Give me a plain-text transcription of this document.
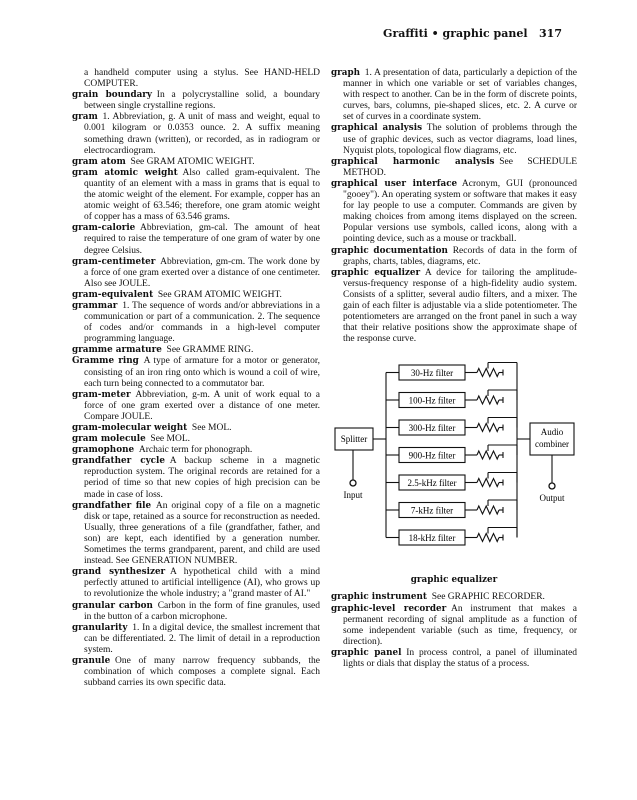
Graffiti • graphic panel 317

a handheld computer using a stylus. See HAND-HELD COMPUTER.

grain boundary  In a polycrystalline solid, a boundary between single crystalline regions.

gram  1. Abbreviation, g. A unit of mass and weight, equal to 0.001 kilogram or 0.0353 ounce. 2. A suffix meaning something drawn (written), or recorded, as in radiogram or electrocardiogram.

gram atom  See GRAM ATOMIC WEIGHT.

gram atomic weight  Also called gram-equivalent. The quantity of an element with a mass in grams that is equal to the atomic weight of the element. For example, copper has an atomic weight of 63.546; therefore, one gram atomic weight of copper has a mass of 63.546 grams.

gram-calorie  Abbreviation, gm-cal. The amount of heat required to raise the temperature of one gram of water by one degree Celsius.

gram-centimeter  Abbreviation, gm-cm. The work done by a force of one gram exerted over a distance of one centimeter. Also see JOULE.

gram-equivalent  See GRAM ATOMIC WEIGHT.

grammar  1. The sequence of words and/or abbreviations in a communication or part of a communication. 2. The sequence of codes and/or commands in a high-level computer programming language.

gramme armature  See GRAMME RING.

Gramme ring  A type of armature for a motor or generator, consisting of an iron ring onto which is wound a coil of wire, each turn being connected to a commutator bar.

gram-meter  Abbreviation, g-m. A unit of work equal to a force of one gram exerted over a distance of one meter. Compare JOULE.

gram-molecular weight  See MOL.

gram molecule  See MOL.

gramophone  Archaic term for phonograph.

grandfather cycle  A backup scheme in a magnetic reproduction system. The original records are retained for a period of time so that new copies of high precision can be made in case of loss.

grandfather file  An original copy of a file on a magnetic disk or tape, retained as a source for reconstruction as needed. Usually, three generations of a file (grandfather, father, and son) are kept, each identified by a generation number. Sometimes the terms grandparent, parent, and child are used instead. See GENERATION NUMBER.

grand synthesizer  A hypothetical child with a mind perfectly attuned to artificial intelligence (AI), who grows up to revolutionize the whole industry; a "grand master of AI."

granular carbon  Carbon in the form of fine granules, used in the button of a carbon microphone.

granularity  1. In a digital device, the smallest increment that can be differentiated. 2. The limit of detail in a reproduction system.

granule  One of many narrow frequency subbands, the combination of which composes a complete signal. Each subband carries its own specific data.

graph  1. A presentation of data, particularly a depiction of the manner in which one variable or set of variables changes, with respect to another. Can be in the form of discrete points, curves, bars, columns, pie-shaped slices, etc. 2. A curve or set of curves in a coordinate system.

graphical analysis  The solution of problems through the use of graphic devices, such as vector diagrams, load lines, Nyquist plots, topological flow diagrams, etc.

graphical harmonic analysis  See SCHEDULE METHOD.

graphical user interface  Acronym, GUI (pronounced "gooey"). An operating system or software that makes it easy for lay people to use a computer. Commands are given by making choices from among items displayed on the screen. Popular versions use symbols, called icons, along with a pointing device, such as a mouse or trackball.

graphic documentation  Records of data in the form of graphs, charts, tables, diagrams, etc.

graphic equalizer  A device for tailoring the amplitude-versus-frequency response of a high-fidelity audio system. Consists of a splitter, several audio filters, and a mixer. The gain of each filter is adjustable via a slide potentiometer. The potentiometers are arranged on the front panel in such a way that their relative positions show the approximate shape of the response curve.

Splitter
Audio
combiner
30-Hz filter
100-Hz filter
300-Hz filter
900-Hz filter
2.5-kHz filter
7-kHz filter
18-kHz filter
Input	Output
graphic equalizer

graphic instrument  See GRAPHIC RECORDER.

graphic-level recorder  An instrument that makes a permanent recording of signal amplitude as a function of some independent variable (such as time, frequency, or direction).

graphic panel  In process control, a panel of illuminated lights or dials that display the status of a process.
